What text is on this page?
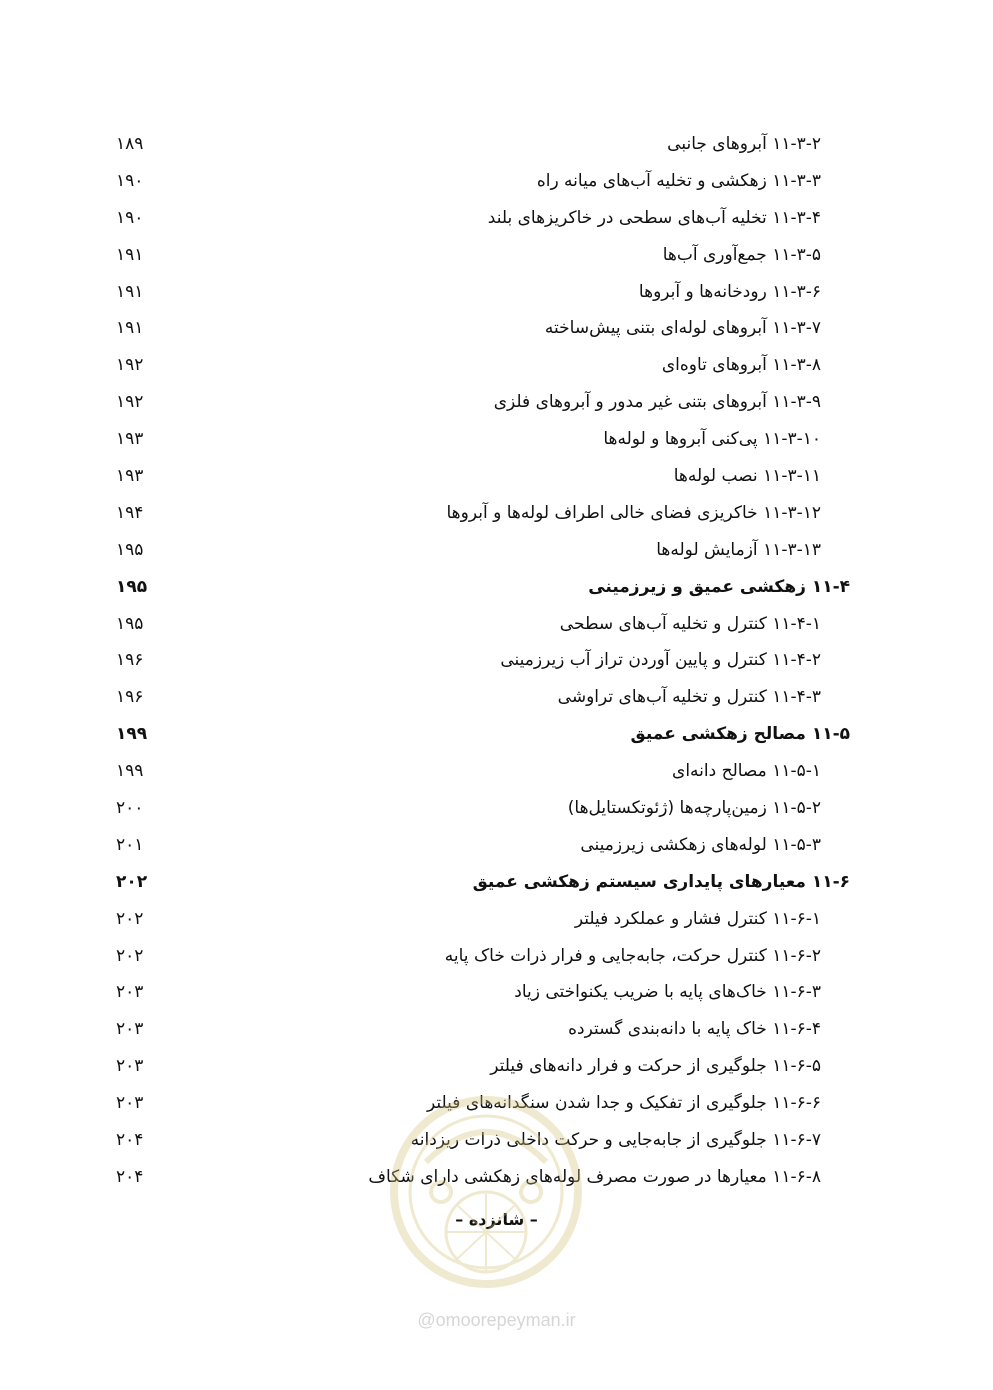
۱۱-۳-۲ آبروهای جانبی
۱۸۹
۱۱-۳-۳ زهکشی و تخلیه آب‌های میانه راه
۱۹۰
۱۱-۳-۴ تخلیه آب‌های سطحی در خاکریزهای بلند
۱۹۰
۱۱-۳-۵ جمع‌آوری آب‌ها
۱۹۱
۱۱-۳-۶ رودخانه‌ها و آبروها
۱۹۱
۱۱-۳-۷ آبروهای لوله‌ای بتنی پیش‌ساخته
۱۹۱
۱۱-۳-۸ آبروهای تاوه‌ای
۱۹۲
۱۱-۳-۹ آبروهای بتنی غیر مدور و آبروهای فلزی
۱۹۲
۱۱-۳-۱۰ پی‌کنی آبروها و لوله‌ها
۱۹۳
۱۱-۳-۱۱ نصب لوله‌ها
۱۹۳
۱۱-۳-۱۲ خاکریزی فضای خالی اطراف لوله‌ها و آبروها
۱۹۴
۱۱-۳-۱۳ آزمایش لوله‌ها
۱۹۵
۱۱-۴ زهکشی عمیق و زیرزمینی
۱۹۵
۱۱-۴-۱ کنترل و تخلیه آب‌های سطحی
۱۹۵
۱۱-۴-۲ کنترل و پایین آوردن تراز آب زیرزمینی
۱۹۶
۱۱-۴-۳ کنترل و تخلیه آب‌های تراوشی
۱۹۶
۱۱-۵ مصالح زهکشی عمیق
۱۹۹
۱۱-۵-۱ مصالح دانه‌ای
۱۹۹
۱۱-۵-۲ زمین‌پارچه‌ها (ژئوتکستایل‌ها)
۲۰۰
۱۱-۵-۳ لوله‌های زهکشی زیرزمینی
۲۰۱
۱۱-۶ معیارهای پایداری سیستم زهکشی عمیق
۲۰۲
۱۱-۶-۱ کنترل فشار و عملکرد فیلتر
۲۰۲
۱۱-۶-۲ کنترل حرکت، جابه‌جایی و فرار ذرات خاک پایه
۲۰۲
۱۱-۶-۳ خاک‌های پایه با ضریب یکنواختی زیاد
۲۰۳
۱۱-۶-۴ خاک پایه با دانه‌بندی گسترده
۲۰۳
۱۱-۶-۵ جلوگیری از حرکت و فرار دانه‌های فیلتر
۲۰۳
۱۱-۶-۶ جلوگیری از تفکیک و جدا شدن سنگدانه‌های فیلتر
۲۰۳
۱۱-۶-۷ جلوگیری از جابه‌جایی و حرکت داخلی ذرات ریزدانه
۲۰۴
۱۱-۶-۸ معیارها در صورت مصرف لوله‌های زهکشی دارای شکاف
۲۰۴
– شانزده –
@omoorepeyman.ir
